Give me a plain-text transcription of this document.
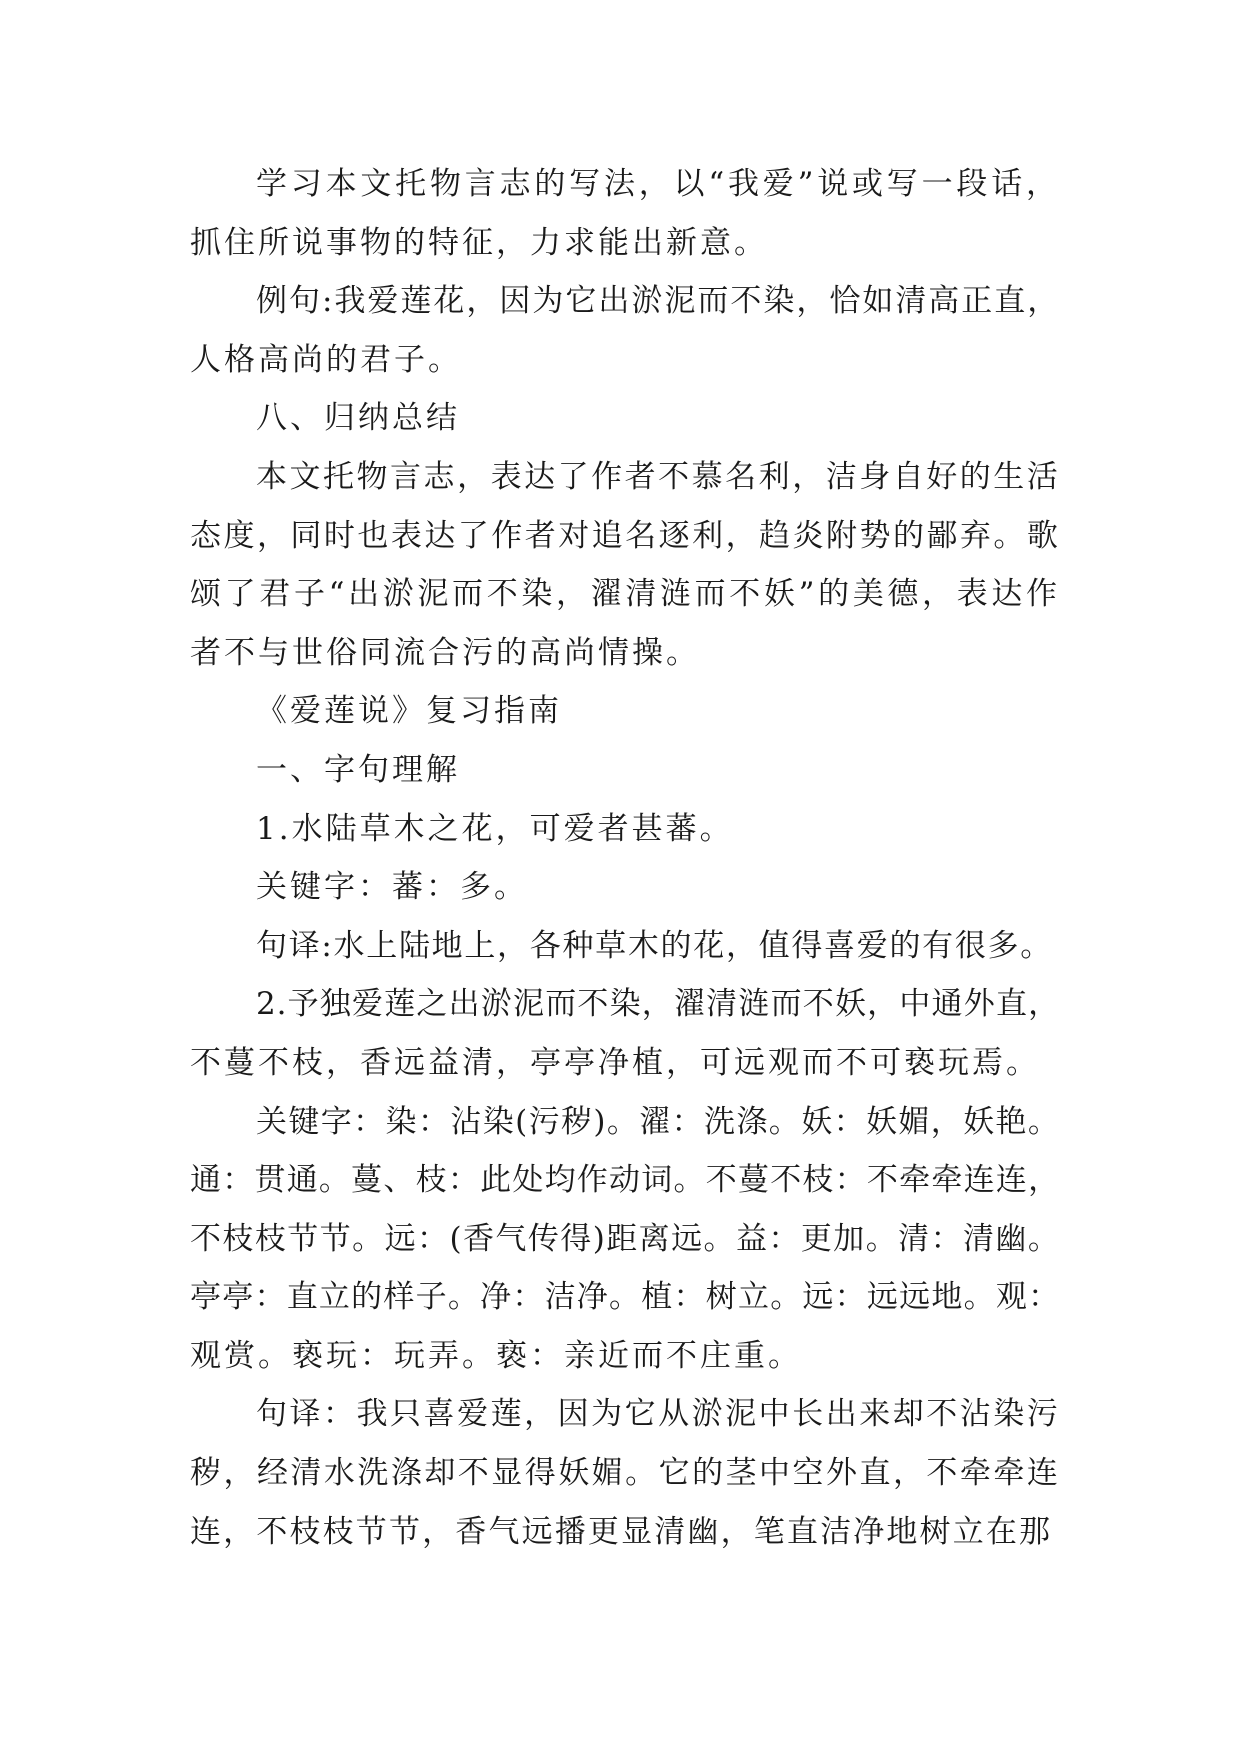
学习本文托物言志的写法，以“我爱”说或写一段话，
抓住所说事物的特征，力求能出新意。
例句:我爱莲花，因为它出淤泥而不染，恰如清高正直，
人格高尚的君子。
八、归纳总结
本文托物言志，表达了作者不慕名利，洁身自好的生活
态度，同时也表达了作者对追名逐利，趋炎附势的鄙弃。歌
颂了君子“出淤泥而不染，濯清涟而不妖”的美德，表达作
者不与世俗同流合污的高尚情操。
《爱莲说》复习指南
一、字句理解
1.水陆草木之花，可爱者甚蕃。
关键字：蕃：多。
句译:水上陆地上，各种草木的花，值得喜爱的有很多。
2.予独爱莲之出淤泥而不染，濯清涟而不妖，中通外直，
不蔓不枝，香远益清，亭亭净植，可远观而不可亵玩焉。
关键字：染：沾染(污秽)。濯：洗涤。妖：妖媚，妖艳。
通：贯通。蔓、枝：此处均作动词。不蔓不枝：不牵牵连连，
不枝枝节节。远：(香气传得)距离远。益：更加。清：清幽。
亭亭：直立的样子。净：洁净。植：树立。远：远远地。观：
观赏。亵玩：玩弄。亵：亲近而不庄重。
句译：我只喜爱莲，因为它从淤泥中长出来却不沾染污
秽，经清水洗涤却不显得妖媚。它的茎中空外直，不牵牵连
连，不枝枝节节，香气远播更显清幽，笔直洁净地树立在那
